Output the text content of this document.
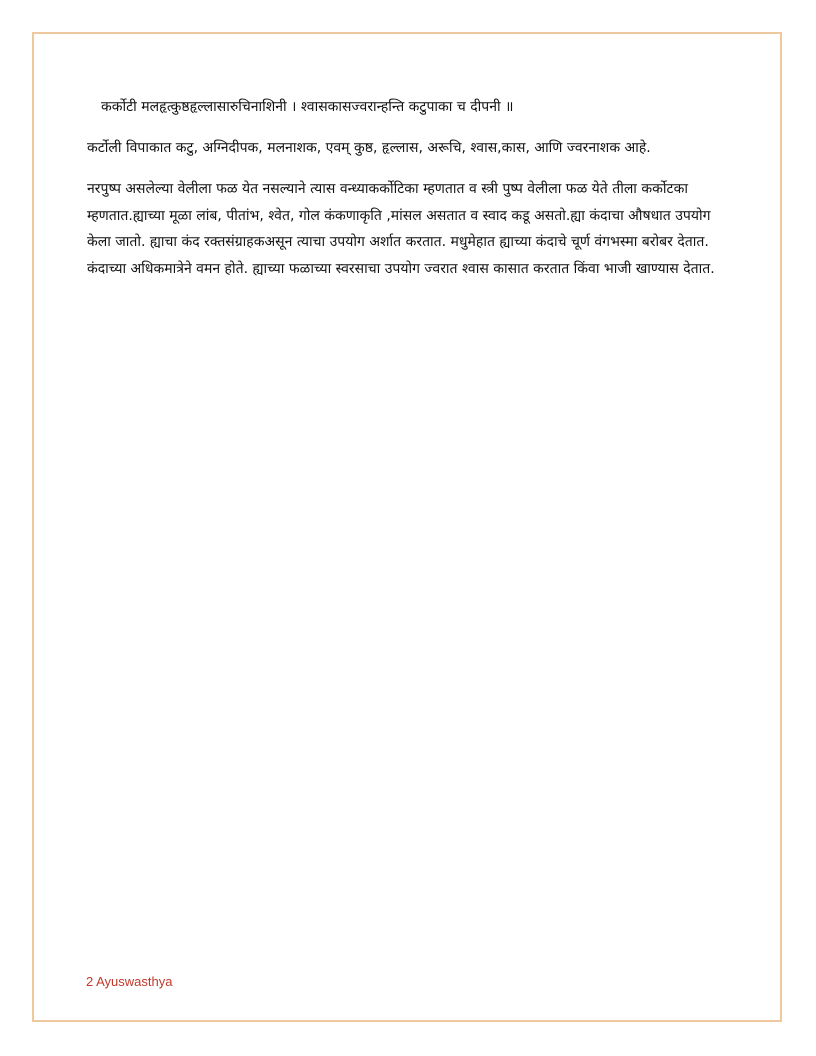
कर्कोटी मलहृत्कुष्ठहृल्लासारुचिनाशिनी । श्वासकासज्वरान्हन्ति कटुपाका च दीपनी ॥

कर्टोली विपाकात कटु, अग्निदीपक, मलनाशक, एवम् कुष्ठ, हृल्लास, अरूचि, श्वास,कास, आणि ज्वरनाशक आहे.

नरपुष्प असलेल्या वेलीला फळ येत नसल्याने त्यास वन्ध्याकर्कोटिका म्हणतात व स्त्री पुष्प वेलीला फळ येते तीला कर्कोटका म्हणतात.ह्याच्या मूळा लांब, पीतांभ, श्वेत, गोल कंकणाकृति ,मांसल असतात व स्वाद कडू असतो.ह्या कंदाचा औषधात उपयोग केला जातो. ह्याचा कंद रक्तसंग्राहकअसून त्याचा उपयोग अर्शात करतात. मधुमेहात ह्याच्या कंदाचे चूर्ण वंगभस्मा बरोबर देतात. कंदाच्या अधिकमात्रेने वमन होते. ह्याच्या फळाच्या स्वरसाचा उपयोग ज्वरात श्वास कासात करतात किंवा भाजी खाण्यास देतात.

2 Ayuswasthya
